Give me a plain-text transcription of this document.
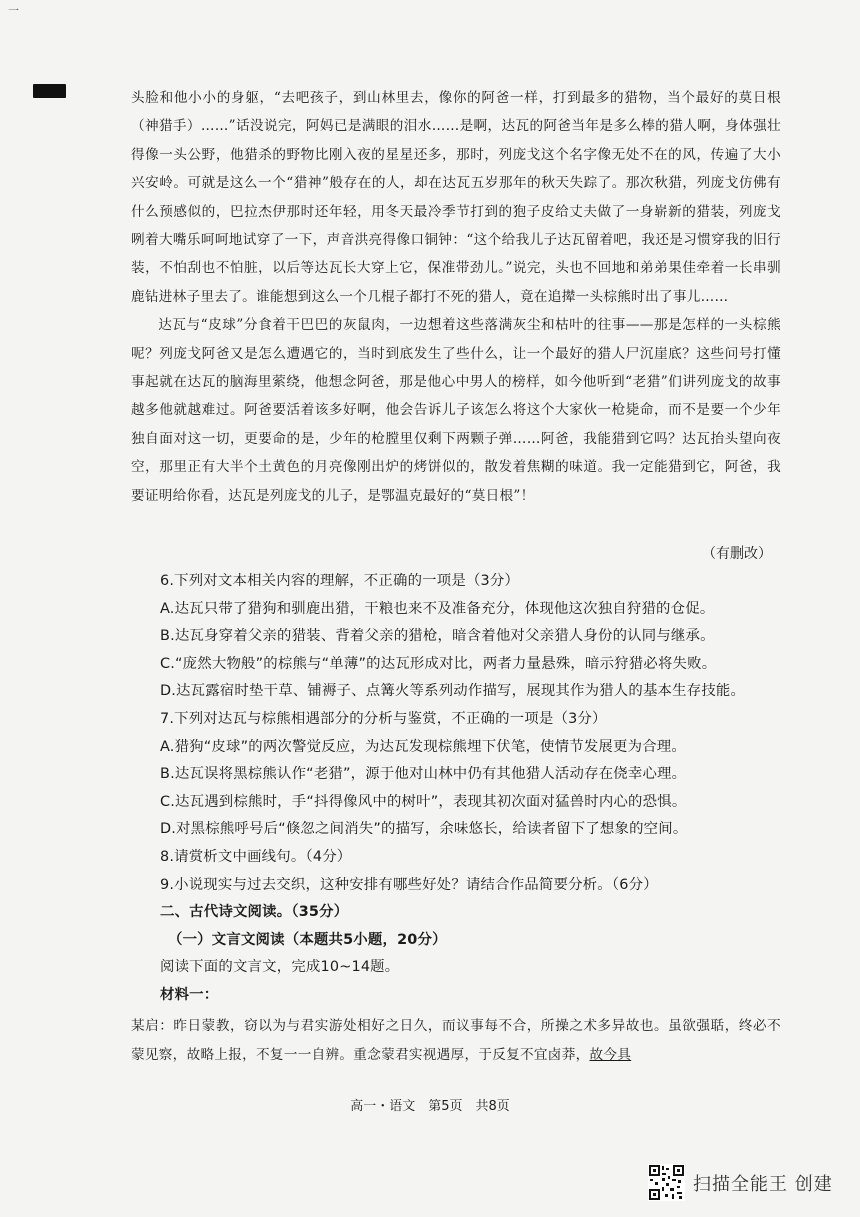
一

头脸和他小小的身躯，“去吧孩子，到山林里去，像你的阿爸一样，打到最多的猎物，当个最好的莫日根（神猎手）……”话没说完，阿妈已是满眼的泪水……是啊，达瓦的阿爸当年是多么棒的猎人啊，身体强壮得像一头公野，他猎杀的野物比刚入夜的星星还多，那时，列庞戈这个名字像无处不在的风，传遍了大小兴安岭。可就是这么一个“猎神”般存在的人，却在达瓦五岁那年的秋天失踪了。那次秋猎，列庞戈仿佛有什么预感似的，巴拉杰伊那时还年轻，用冬天最冷季节打到的狍子皮给丈夫做了一身崭新的猎装，列庞戈咧着大嘴乐呵呵地试穿了一下，声音洪亮得像口铜钟：“这个给我儿子达瓦留着吧，我还是习惯穿我的旧行装，不怕刮也不怕脏，以后等达瓦长大穿上它，保准带劲儿。”说完，头也不回地和弟弟果佳牵着一长串驯鹿钻进林子里去了。谁能想到这么一个几棍子都打不死的猎人，竟在追撵一头棕熊时出了事儿……

达瓦与“皮球”分食着干巴巴的灰鼠肉，一边想着这些落满灰尘和枯叶的往事——那是怎样的一头棕熊呢？列庞戈阿爸又是怎么遭遇它的，当时到底发生了些什么，让一个最好的猎人尸沉崖底？这些问号打懂事起就在达瓦的脑海里萦绕，他想念阿爸，那是他心中男人的榜样，如今他听到“老猎”们讲列庞戈的故事越多他就越难过。阿爸要活着该多好啊，他会告诉儿子该怎么将这个大家伙一枪毙命，而不是要一个少年独自面对这一切，更要命的是，少年的枪膛里仅剩下两颗子弹……阿爸，我能猎到它吗？达瓦抬头望向夜空，那里正有大半个土黄色的月亮像刚出炉的烤饼似的，散发着焦糊的味道。我一定能猎到它，阿爸，我要证明给你看，达瓦是列庞戈的儿子，是鄂温克最好的“莫日根”！

（有删改）
6.下列对文本相关内容的理解，不正确的一项是（3分）
A.达瓦只带了猎狗和驯鹿出猎，干粮也来不及准备充分，体现他这次独自狩猎的仓促。
B.达瓦身穿着父亲的猎装、背着父亲的猎枪，暗含着他对父亲猎人身份的认同与继承。
C.“庞然大物般”的棕熊与“单薄”的达瓦形成对比，两者力量悬殊，暗示狩猎必将失败。
D.达瓦露宿时垫干草、铺褥子、点篝火等系列动作描写，展现其作为猎人的基本生存技能。
7.下列对达瓦与棕熊相遇部分的分析与鉴赏，不正确的一项是（3分）
A.猎狗“皮球”的两次警觉反应，为达瓦发现棕熊埋下伏笔，使情节发展更为合理。
B.达瓦误将黑棕熊认作“老猎”，源于他对山林中仍有其他猎人活动存在侥幸心理。
C.达瓦遇到棕熊时，手“抖得像风中的树叶”，表现其初次面对猛兽时内心的恐惧。
D.对黑棕熊呼号后“倏忽之间消失”的描写，余味悠长，给读者留下了想象的空间。
8.请赏析文中画线句。（4分）
9.小说现实与过去交织，这种安排有哪些好处？请结合作品简要分析。（6分）
二、古代诗文阅读。（35分）
（一）文言文阅读（本题共5小题，20分）
阅读下面的文言文，完成10~14题。
材料一：

某启：昨日蒙教，窃以为与君实游处相好之日久，而议事每不合，所操之术多异故也。虽欲强聒，终必不蒙见察，故略上报，不复一一自辨。重念蒙君实视遇厚，于反复不宜卤莽，故今具

高一・语文　第5页　共8页
扫描全能王 创建
